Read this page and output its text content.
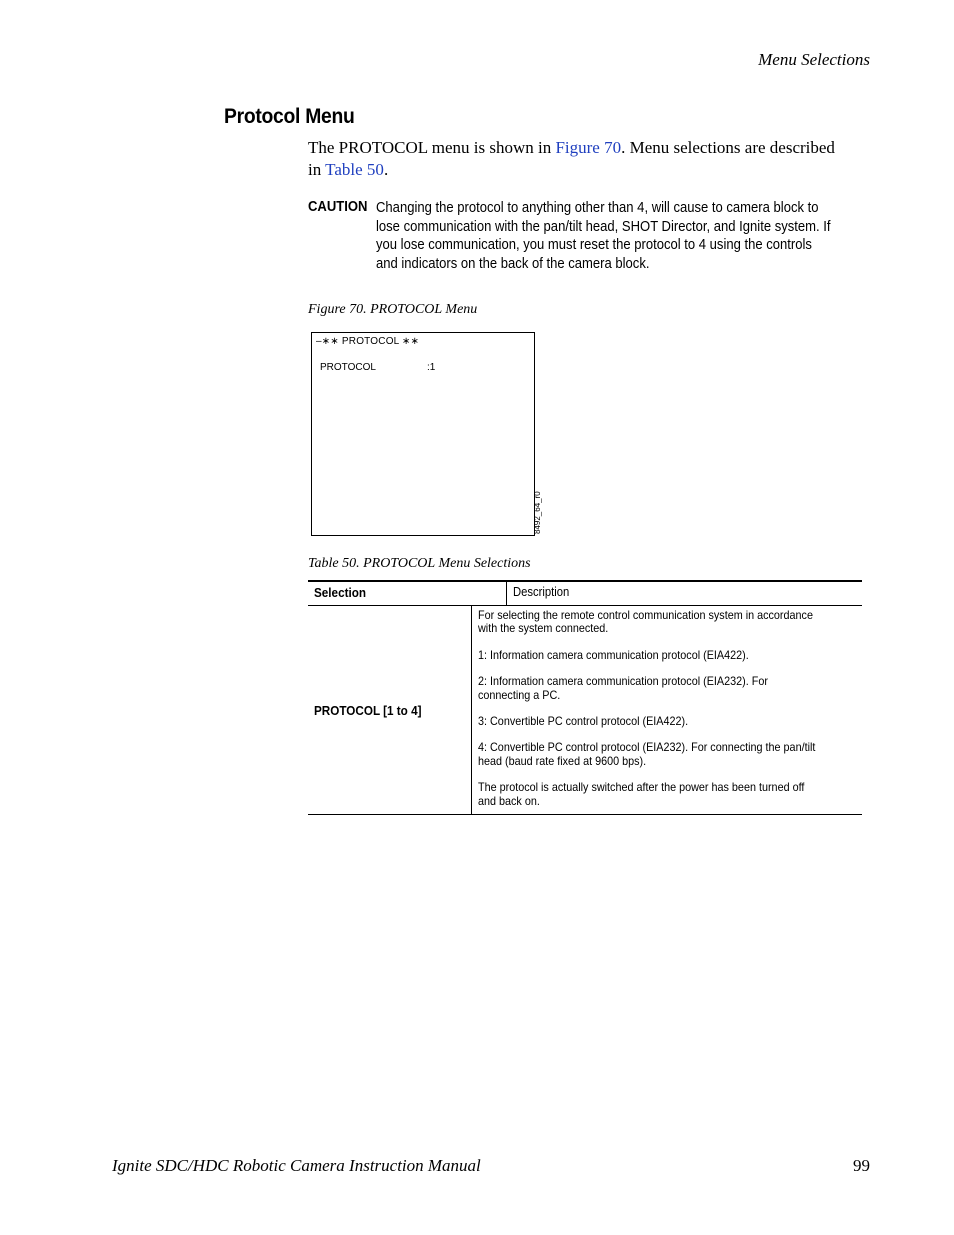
Menu Selections
Protocol Menu
The PROTOCOL menu is shown in Figure 70. Menu selections are described in Table 50.
CAUTION Changing the protocol to anything other than 4, will cause to camera block to lose communication with the pan/tilt head, SHOT Director, and Ignite system. If you lose communication, you must reset the protocol to 4 using the controls and indicators on the back of the camera block.
Figure 70. PROTOCOL Menu
–∗∗ PROTOCOL ∗∗
PROTOCOL	:1
8492_64_r0
Table 50. PROTOCOL Menu Selections
Selection	Description
PROTOCOL [1 to 4]

For selecting the remote control communication system in accordance with the system connected.

1: Information camera communication protocol (EIA422).

2: Information camera communication protocol (EIA232). For connecting a PC.

3: Convertible PC control protocol (EIA422).

4: Convertible PC control protocol (EIA232). For connecting the pan/tilt head (baud rate fixed at 9600 bps).

The protocol is actually switched after the power has been turned off and back on.

Ignite SDC/HDC Robotic Camera Instruction Manual	99
